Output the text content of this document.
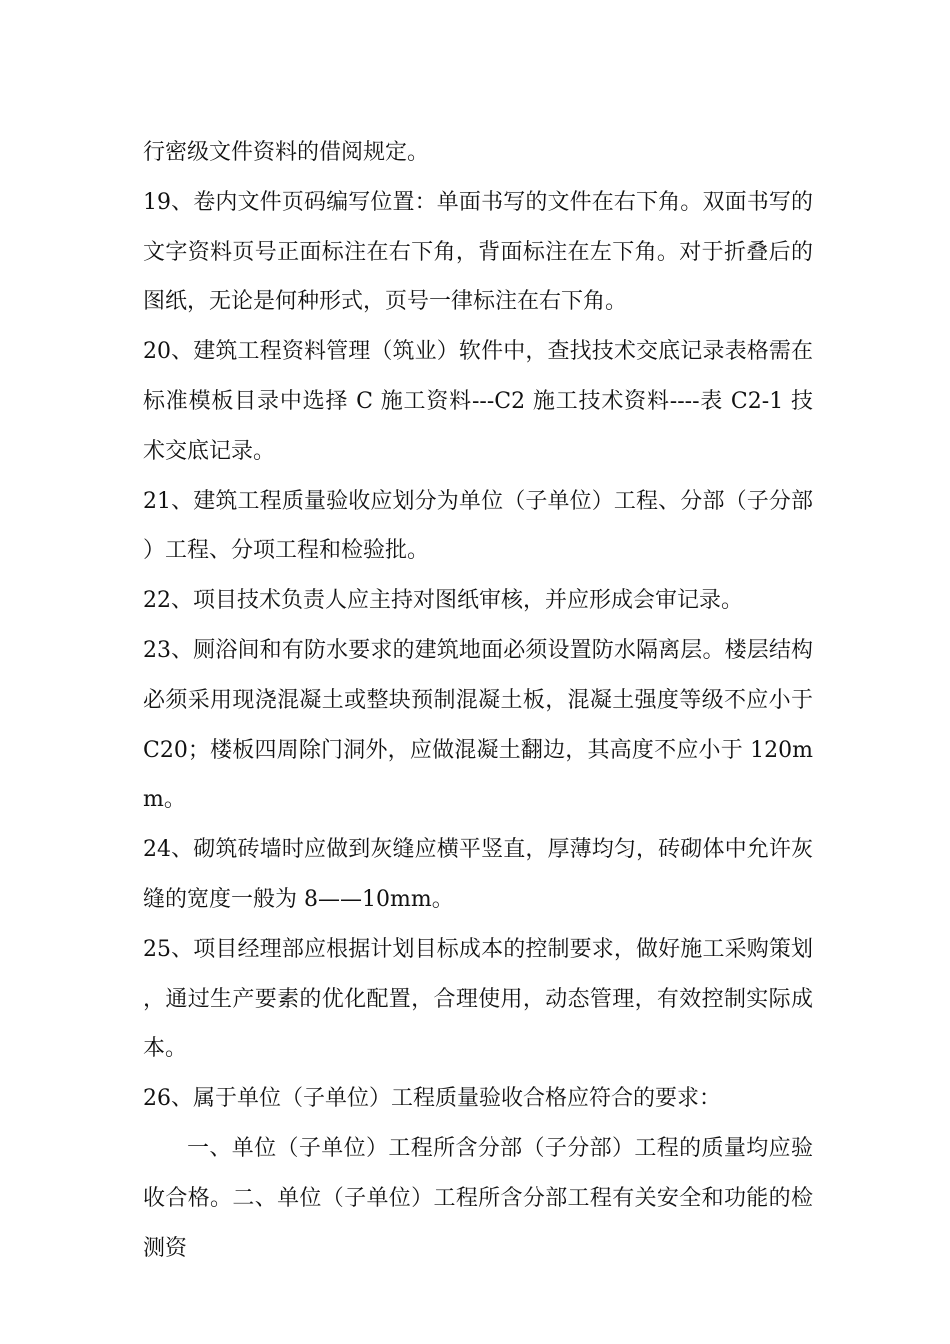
行密级文件资料的借阅规定。

19、卷内文件页码编写位置：单面书写的文件在右下角。双面书写的文字资料页号正面标注在右下角，背面标注在左下角。对于折叠后的图纸，无论是何种形式，页号一律标注在右下角。

20、建筑工程资料管理（筑业）软件中，查找技术交底记录表格需在标准模板目录中选择 C 施工资料---C2 施工技术资料----表 C2-1 技术交底记录。

21、建筑工程质量验收应划分为单位（子单位）工程、分部（子分部）工程、分项工程和检验批。

22、项目技术负责人应主持对图纸审核，并应形成会审记录。

23、厕浴间和有防水要求的建筑地面必须设置防水隔离层。楼层结构必须采用现浇混凝土或整块预制混凝土板，混凝土强度等级不应小于 C20；楼板四周除门洞外，应做混凝土翻边，其高度不应小于 120mm。

24、砌筑砖墙时应做到灰缝应横平竖直，厚薄均匀，砖砌体中允许灰缝的宽度一般为 8——10mm。

25、项目经理部应根据计划目标成本的控制要求，做好施工采购策划，通过生产要素的优化配置，合理使用，动态管理，有效控制实际成本。

26、属于单位（子单位）工程质量验收合格应符合的要求：

一、单位（子单位）工程所含分部（子分部）工程的质量均应验收合格。二、单位（子单位）工程所含分部工程有关安全和功能的检测资
